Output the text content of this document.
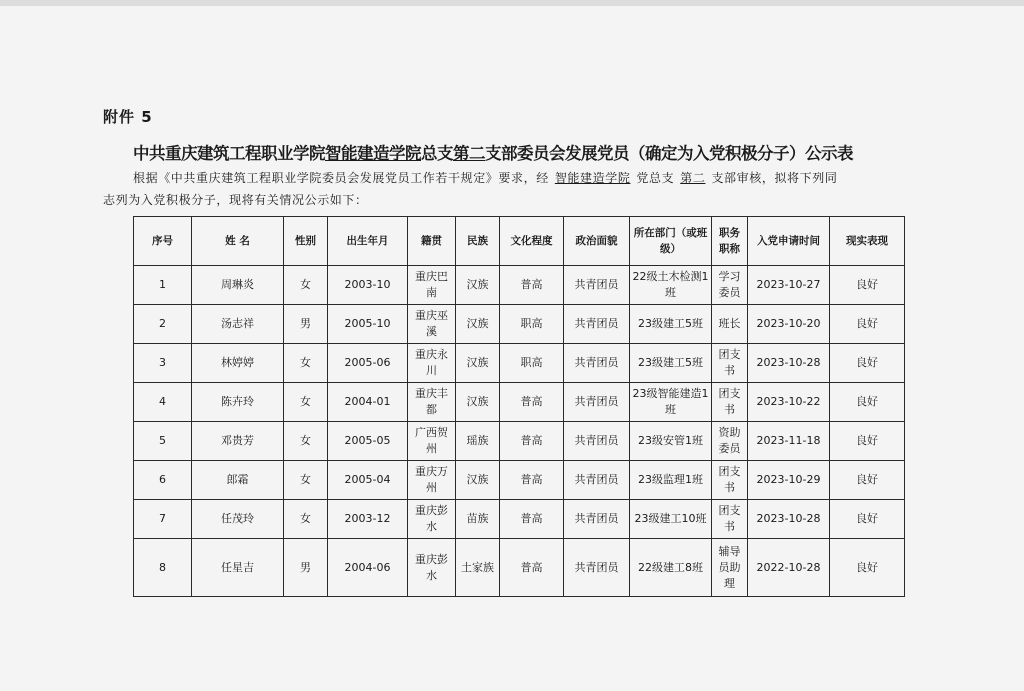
附件 5
中共重庆建筑工程职业学院智能建造学院总支第二支部委员会发展党员（确定为入党积极分子）公示表
根据《中共重庆建筑工程职业学院委员会发展党员工作若干规定》要求，经 智能建造学院 党总支 第二 支部审核，拟将下列同
志列为入党积极分子，现将有关情况公示如下：
序号	姓 名	性别	出生年月	籍贯	民族	文化程度	政治面貌	所在部门（或班级）	职务职称	入党申请时间	现实表现
1	周琳炎	女	2003-10	重庆巴南	汉族	普高	共青团员	22级土木检测1班	学习委员	2023-10-27	良好
2	汤志祥	男	2005-10	重庆巫溪	汉族	职高	共青团员	23级建工5班	班长	2023-10-20	良好
3	林婷婷	女	2005-06	重庆永川	汉族	职高	共青团员	23级建工5班	团支书	2023-10-28	良好
4	陈卉玲	女	2004-01	重庆丰都	汉族	普高	共青团员	23级智能建造1班	团支书	2023-10-22	良好
5	邓贵芳	女	2005-05	广西贺州	瑶族	普高	共青团员	23级安管1班	资助委员	2023-11-18	良好
6	郎霜	女	2005-04	重庆万州	汉族	普高	共青团员	23级监理1班	团支书	2023-10-29	良好
7	任茂玲	女	2003-12	重庆彭水	苗族	普高	共青团员	23级建工10班	团支书	2023-10-28	良好
8	任星吉	男	2004-06	重庆彭水	土家族	普高	共青团员	22级建工8班	辅导员助理	2022-10-28	良好
